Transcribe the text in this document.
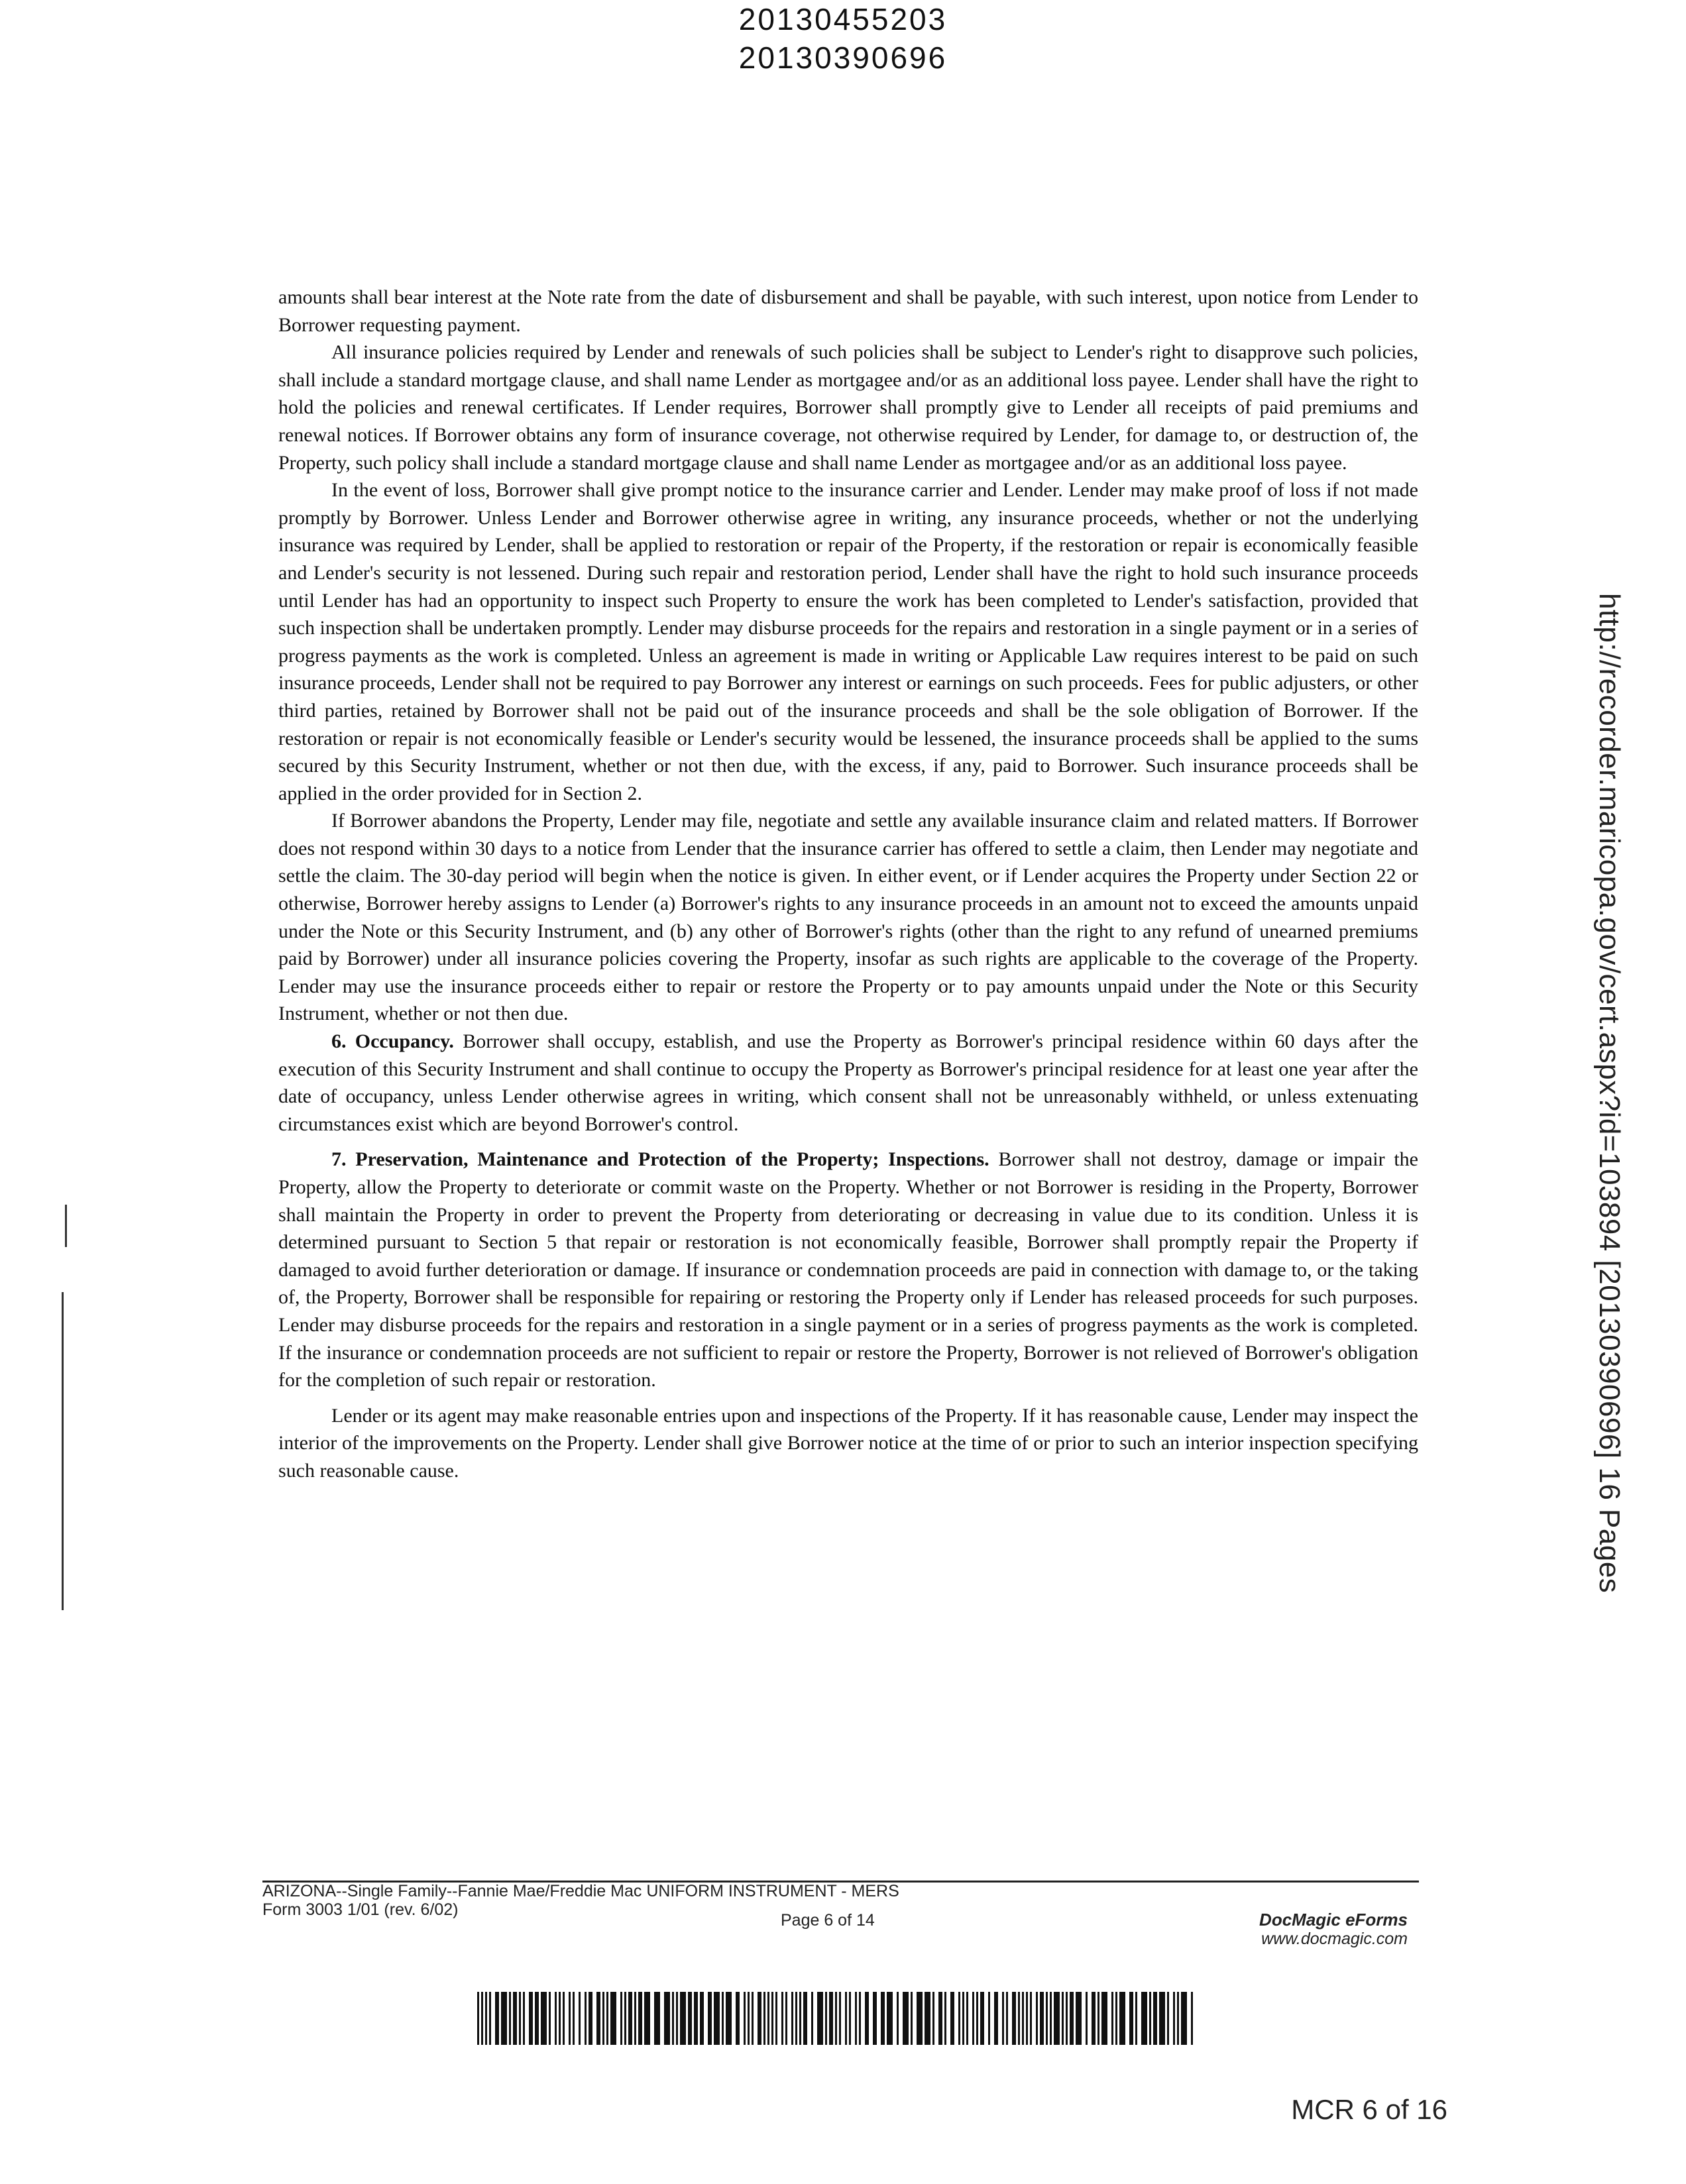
20130455203
20130390696

amounts shall bear interest at the Note rate from the date of disbursement and shall be payable, with such interest, upon notice from Lender to Borrower requesting payment.

All insurance policies required by Lender and renewals of such policies shall be subject to Lender's right to disapprove such policies, shall include a standard mortgage clause, and shall name Lender as mortgagee and/or as an additional loss payee. Lender shall have the right to hold the policies and renewal certificates. If Lender requires, Borrower shall promptly give to Lender all receipts of paid premiums and renewal notices. If Borrower obtains any form of insurance coverage, not otherwise required by Lender, for damage to, or destruction of, the Property, such policy shall include a standard mortgage clause and shall name Lender as mortgagee and/or as an additional loss payee.

In the event of loss, Borrower shall give prompt notice to the insurance carrier and Lender. Lender may make proof of loss if not made promptly by Borrower. Unless Lender and Borrower otherwise agree in writing, any insurance proceeds, whether or not the underlying insurance was required by Lender, shall be applied to restoration or repair of the Property, if the restoration or repair is economically feasible and Lender's security is not lessened. During such repair and restoration period, Lender shall have the right to hold such insurance proceeds until Lender has had an opportunity to inspect such Property to ensure the work has been completed to Lender's satisfaction, provided that such inspection shall be undertaken promptly. Lender may disburse proceeds for the repairs and restoration in a single payment or in a series of progress payments as the work is completed. Unless an agreement is made in writing or Applicable Law requires interest to be paid on such insurance proceeds, Lender shall not be required to pay Borrower any interest or earnings on such proceeds. Fees for public adjusters, or other third parties, retained by Borrower shall not be paid out of the insurance proceeds and shall be the sole obligation of Borrower. If the restoration or repair is not economically feasible or Lender's security would be lessened, the insurance proceeds shall be applied to the sums secured by this Security Instrument, whether or not then due, with the excess, if any, paid to Borrower. Such insurance proceeds shall be applied in the order provided for in Section 2.

If Borrower abandons the Property, Lender may file, negotiate and settle any available insurance claim and related matters. If Borrower does not respond within 30 days to a notice from Lender that the insurance carrier has offered to settle a claim, then Lender may negotiate and settle the claim. The 30-day period will begin when the notice is given. In either event, or if Lender acquires the Property under Section 22 or otherwise, Borrower hereby assigns to Lender (a) Borrower's rights to any insurance proceeds in an amount not to exceed the amounts unpaid under the Note or this Security Instrument, and (b) any other of Borrower's rights (other than the right to any refund of unearned premiums paid by Borrower) under all insurance policies covering the Property, insofar as such rights are applicable to the coverage of the Property. Lender may use the insurance proceeds either to repair or restore the Property or to pay amounts unpaid under the Note or this Security Instrument, whether or not then due.

6. Occupancy. Borrower shall occupy, establish, and use the Property as Borrower's principal residence within 60 days after the execution of this Security Instrument and shall continue to occupy the Property as Borrower's principal residence for at least one year after the date of occupancy, unless Lender otherwise agrees in writing, which consent shall not be unreasonably withheld, or unless extenuating circumstances exist which are beyond Borrower's control.

7. Preservation, Maintenance and Protection of the Property; Inspections. Borrower shall not destroy, damage or impair the Property, allow the Property to deteriorate or commit waste on the Property. Whether or not Borrower is residing in the Property, Borrower shall maintain the Property in order to prevent the Property from deteriorating or decreasing in value due to its condition. Unless it is determined pursuant to Section 5 that repair or restoration is not economically feasible, Borrower shall promptly repair the Property if damaged to avoid further deterioration or damage. If insurance or condemnation proceeds are paid in connection with damage to, or the taking of, the Property, Borrower shall be responsible for repairing or restoring the Property only if Lender has released proceeds for such purposes. Lender may disburse proceeds for the repairs and restoration in a single payment or in a series of progress payments as the work is completed. If the insurance or condemnation proceeds are not sufficient to repair or restore the Property, Borrower is not relieved of Borrower's obligation for the completion of such repair or restoration.

Lender or its agent may make reasonable entries upon and inspections of the Property. If it has reasonable cause, Lender may inspect the interior of the improvements on the Property. Lender shall give Borrower notice at the time of or prior to such an interior inspection specifying such reasonable cause.	http://recorder.maricopa.gov/cert.aspx?id=103894 [20130390696] 16 Pages
ARIZONA--Single Family--Fannie Mae/Freddie Mac UNIFORM INSTRUMENT - MERS
Form 3003 1/01 (rev. 6/02)
Page 6 of 14	DocMagic eForms
www.docmagic.com
MCR 6 of 16
